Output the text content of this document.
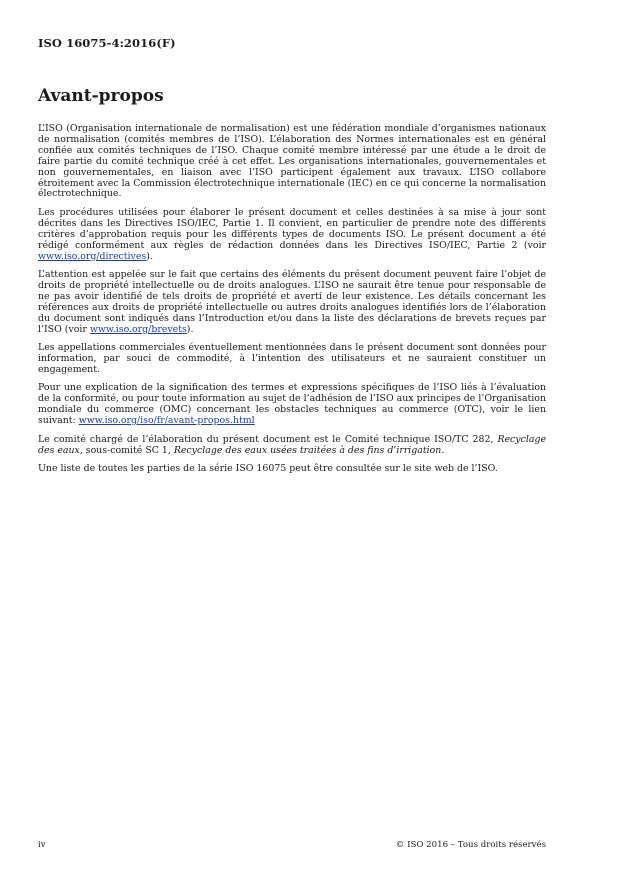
ISO 16075-4:2016(F)
Avant-propos

L’ISO (Organisation internationale de normalisation) est une fédération mondiale d’organismes nationaux de normalisation (comités membres de l’ISO). L’élaboration des Normes internationales est en général confiée aux comités techniques de l’ISO. Chaque comité membre intéressé par une étude a le droit de faire partie du comité technique créé à cet effet. Les organisations internationales, gouvernementales et non gouvernementales, en liaison avec l’ISO participent également aux travaux. L’ISO collabore étroitement avec la Commission électrotechnique internationale (IEC) en ce qui concerne la normalisation électrotechnique.

Les procédures utilisées pour élaborer le présent document et celles destinées à sa mise à jour sont décrites dans les Directives ISO/IEC, Partie 1. Il convient, en particulier de prendre note des différents critères d’approbation requis pour les différents types de documents ISO. Le présent document a été rédigé conformément aux règles de rédaction données dans les Directives ISO/IEC, Partie 2 (voir www.iso.org/directives).

L’attention est appelée sur le fait que certains des éléments du présent document peuvent faire l’objet de droits de propriété intellectuelle ou de droits analogues. L’ISO ne saurait être tenue pour responsable de ne pas avoir identifié de tels droits de propriété et averti de leur existence. Les détails concernant les références aux droits de propriété intellectuelle ou autres droits analogues identifiés lors de l’élaboration du document sont indiqués dans l’Introduction et/ou dans la liste des déclarations de brevets reçues par l’ISO (voir www.iso.org/brevets).

Les appellations commerciales éventuellement mentionnées dans le présent document sont données pour information, par souci de commodité, à l’intention des utilisateurs et ne sauraient constituer un engagement.

Pour une explication de la signification des termes et expressions spécifiques de l’ISO liés à l’évaluation de la conformité, ou pour toute information au sujet de l’adhésion de l’ISO aux principes de l’Organisation mondiale du commerce (OMC) concernant les obstacles techniques au commerce (OTC), voir le lien suivant: www.iso.org/iso/fr/avant-propos.html

Le comité chargé de l’élaboration du présent document est le Comité technique ISO/TC 282, Recyclage des eaux, sous-comité SC 1, Recyclage des eaux usées traitées à des fins d’irrigation.

Une liste de toutes les parties de la série ISO 16075 peut être consultée sur le site web de l’ISO.

iv	© ISO 2016 – Tous droits réservés
